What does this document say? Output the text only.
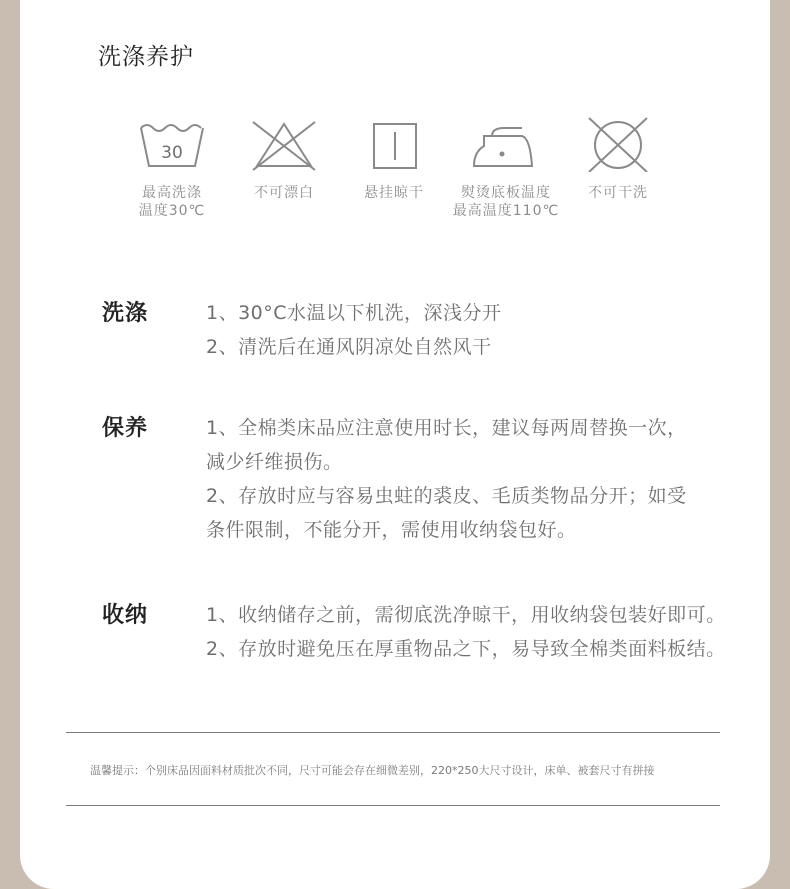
洗涤养护
30
最高洗涤
温度30℃
不可漂白	悬挂晾干	熨烫底板温度
最高温度110℃
不可干洗
洗涤	1、30°C水温以下机洗，深浅分开

2、清洗后在通风阴凉处自然风干

保养	1、全棉类床品应注意使用时长，建议每两周替换一次，

减少纤维损伤。

2、存放时应与容易虫蛀的裘皮、毛质类物品分开；如受

条件限制，不能分开，需使用收纳袋包好。

收纳	1、收纳储存之前，需彻底洗净晾干，用收纳袋包装好即可。

2、存放时避免压在厚重物品之下，易导致全棉类面料板结。

温馨提示：个别床品因面料材质批次不同，尺寸可能会存在细微差别，220*250大尺寸设计，床单、被套尺寸有拼接
